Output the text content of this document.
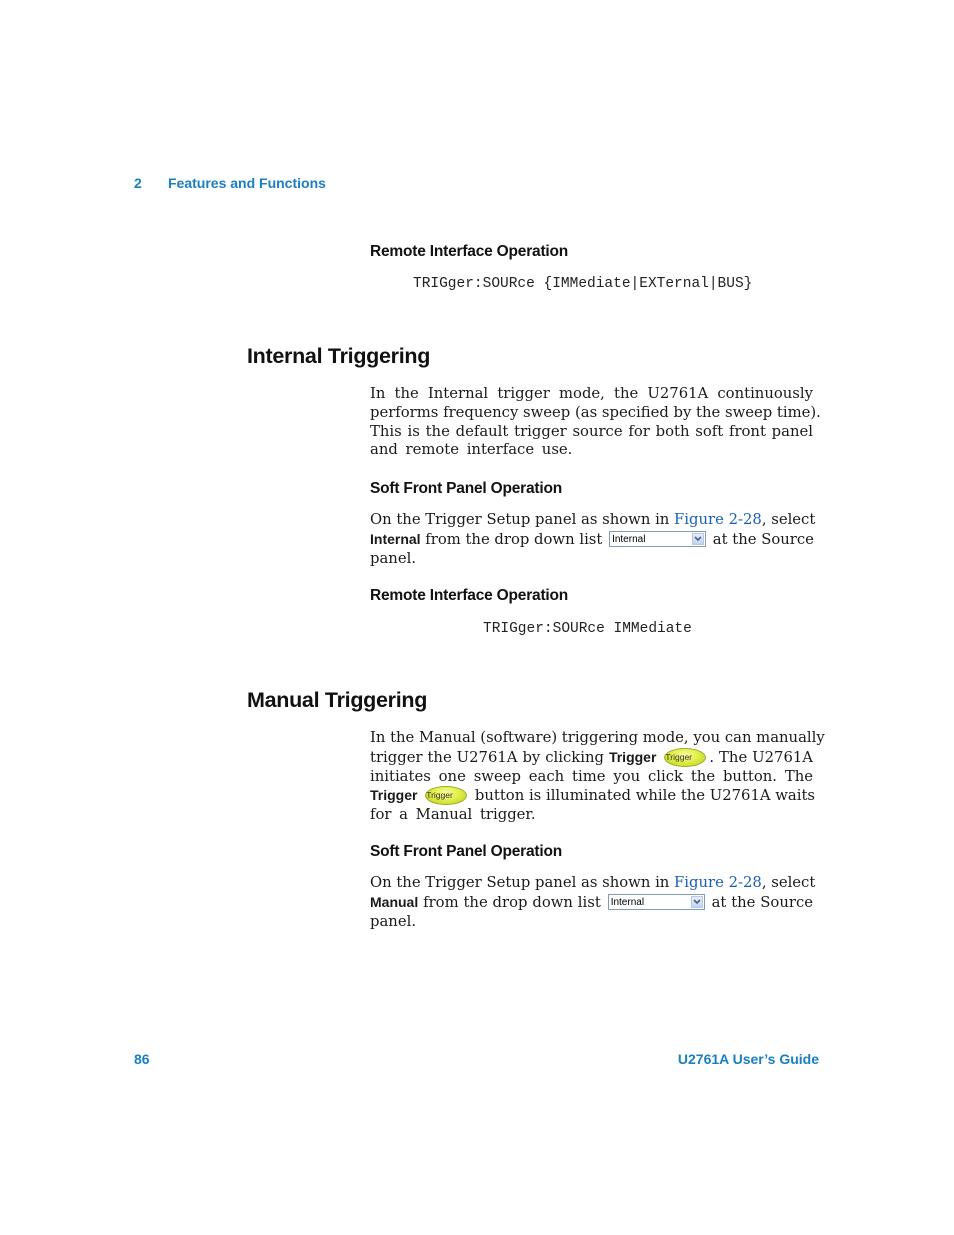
2 Features and Functions
Remote Interface Operation
TRIGger:SOURce {IMMediate|EXTernal|BUS}
Internal Triggering
In the Internal trigger mode, the U2761A continuously
performs frequency sweep (as specified by the sweep time).
This is the default trigger source for both soft front panel
and remote interface use.
Soft Front Panel Operation
On the Trigger Setup panel as shown in Figure 2-28, select
Internal from the drop down list Internal	at the Source
panel.
Remote Interface Operation
TRIGger:SOURce IMMediate
Manual Triggering
In the Manual (software) triggering mode, you can manually
trigger the U2761A by clicking Trigger Trigger	. The U2761A
initiates one sweep each time you click the button. The
Trigger Trigger	button is illuminated while the U2761A waits
for a Manual trigger.
Soft Front Panel Operation
On the Trigger Setup panel as shown in Figure 2-28, select
Manual from the drop down list Internal	at the Source
panel.
86	U2761A User’s Guide
